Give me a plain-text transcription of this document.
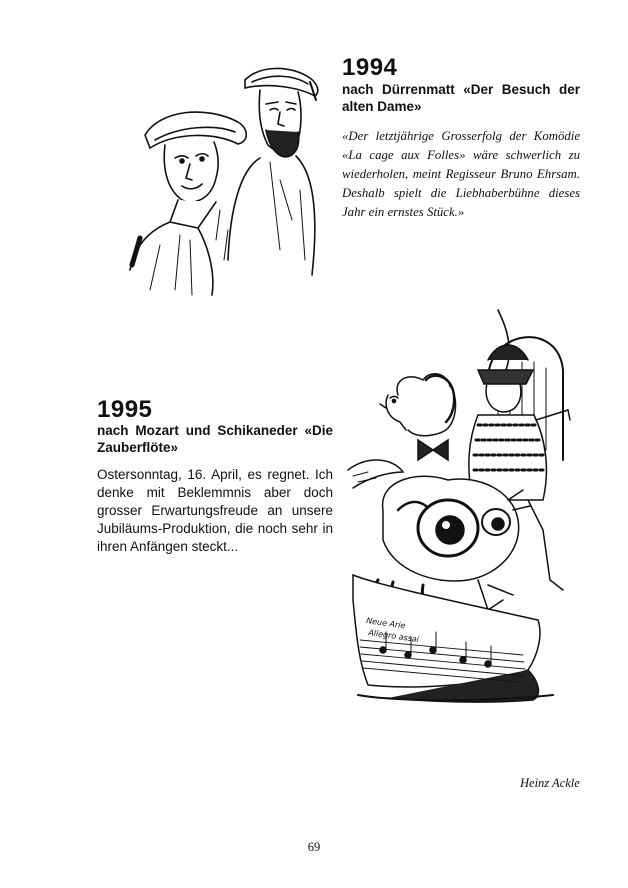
1994
nach Dürrenmatt «Der Besuch der alten Dame»
«Der letztjährige Grosserfolg der Komödie «La cage aux Folles» wäre schwerlich zu wiederholen, meint Regisseur Bruno Ehrsam. Deshalb spielt die Liebhaberbühne dieses Jahr ein ernstes Stück.»
1995
nach Mozart und Schikaneder «Die Zauberflöte»
Ostersonntag, 16. April, es regnet. Ich denke mit Beklemmnis aber doch grosser Erwartungsfreude an unsere Jubiläums-Produktion, die noch sehr in ihren Anfängen steckt...
Neue Arie
Allegro assai
Heinz Ackle
69
